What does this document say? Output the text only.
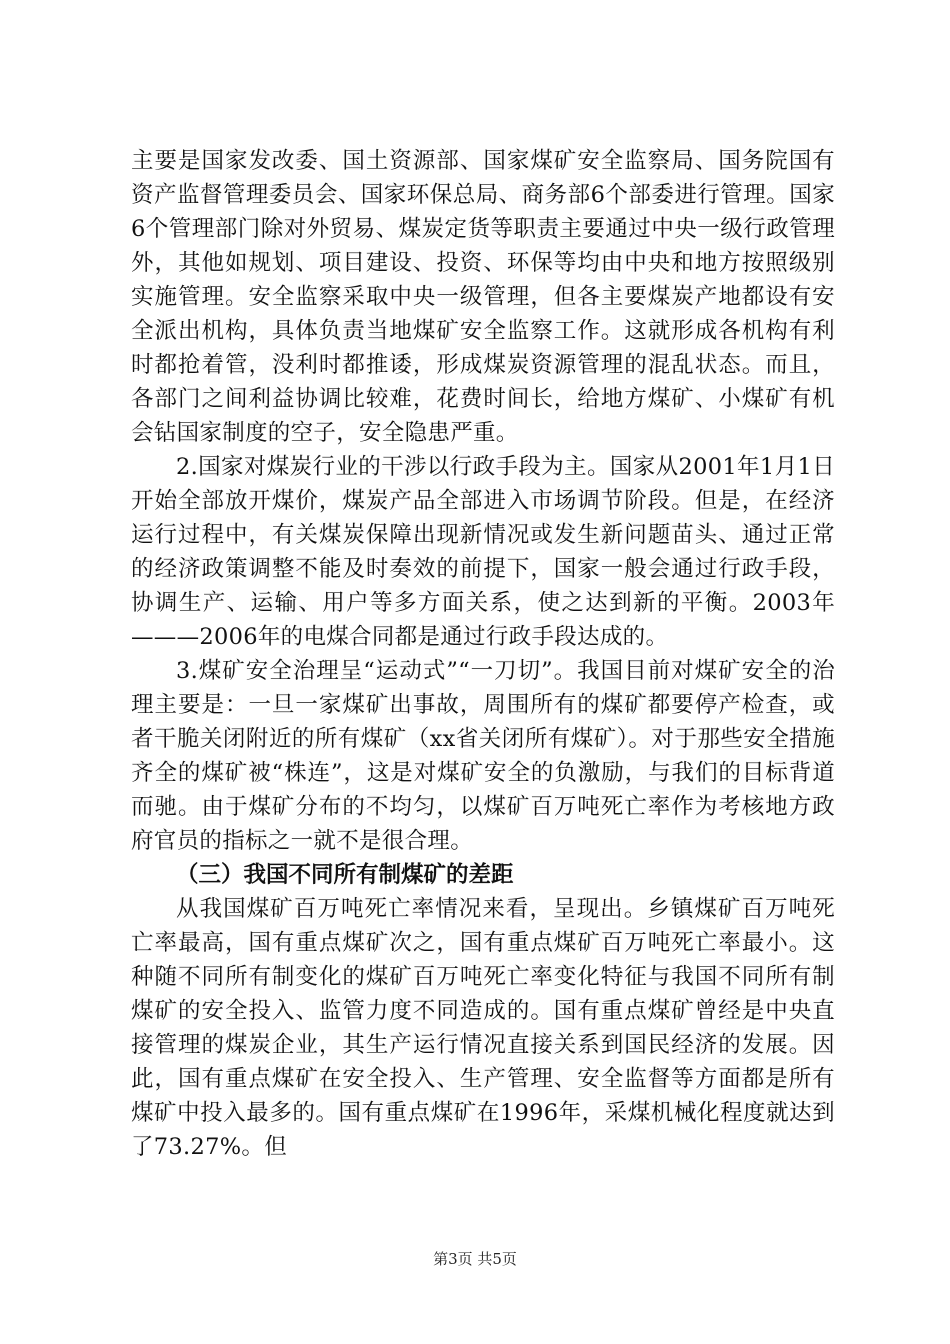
主要是国家发改委、国土资源部、国家煤矿安全监察局、国务院国有资产监督管理委员会、国家环保总局、商务部6个部委进行管理。国家6个管理部门除对外贸易、煤炭定货等职责主要通过中央一级行政管理外，其他如规划、项目建设、投资、环保等均由中央和地方按照级别实施管理。安全监察采取中央一级管理，但各主要煤炭产地都设有安全派出机构，具体负责当地煤矿安全监察工作。这就形成各机构有利时都抢着管，没利时都推诿，形成煤炭资源管理的混乱状态。而且，各部门之间利益协调比较难，花费时间长，给地方煤矿、小煤矿有机会钻国家制度的空子，安全隐患严重。

2.国家对煤炭行业的干涉以行政手段为主。国家从2001年1月1日开始全部放开煤价，煤炭产品全部进入市场调节阶段。但是，在经济运行过程中，有关煤炭保障出现新情况或发生新问题苗头、通过正常的经济政策调整不能及时奏效的前提下，国家一般会通过行政手段，协调生产、运输、用户等多方面关系，使之达到新的平衡。2003年———2006年的电煤合同都是通过行政手段达成的。

3.煤矿安全治理呈“运动式”“一刀切”。我国目前对煤矿安全的治理主要是：一旦一家煤矿出事故，周围所有的煤矿都要停产检查，或者干脆关闭附近的所有煤矿（xx省关闭所有煤矿）。对于那些安全措施齐全的煤矿被“株连”，这是对煤矿安全的负激励，与我们的目标背道而驰。由于煤矿分布的不均匀，以煤矿百万吨死亡率作为考核地方政府官员的指标之一就不是很合理。

（三）我国不同所有制煤矿的差距

从我国煤矿百万吨死亡率情况来看，呈现出。乡镇煤矿百万吨死亡率最高，国有重点煤矿次之，国有重点煤矿百万吨死亡率最小。这种随不同所有制变化的煤矿百万吨死亡率变化特征与我国不同所有制煤矿的安全投入、监管力度不同造成的。国有重点煤矿曾经是中央直接管理的煤炭企业，其生产运行情况直接关系到国民经济的发展。因此，国有重点煤矿在安全投入、生产管理、安全监督等方面都是所有煤矿中投入最多的。国有重点煤矿在1996年，采煤机械化程度就达到了73.27%。但

第3页 共5页
